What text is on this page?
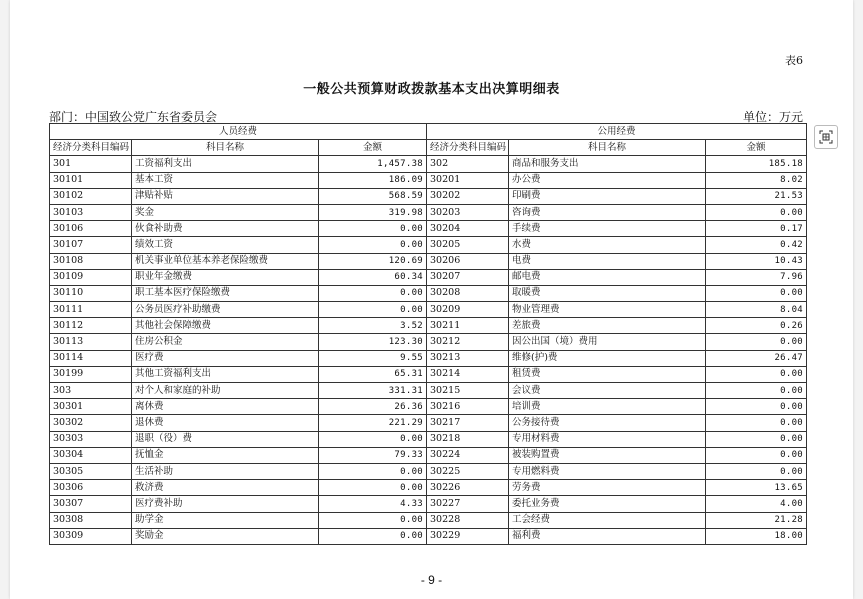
表6
一般公共预算财政拨款基本支出决算明细表
部门：中国致公党广东省委员会	单位：万元
人员经费			公用经费		
经济分类科目编码	科目名称	金额	经济分类科目编码	科目名称	金额
301	工资福利支出	1,457.38	302	商品和服务支出	185.18
30101	基本工资	186.09	30201	办公费	8.02
30102	津贴补贴	568.59	30202	印刷费	21.53
30103	奖金	319.98	30203	咨询费	0.00
30106	伙食补助费	0.00	30204	手续费	0.17
30107	绩效工资	0.00	30205	水费	0.42
30108	机关事业单位基本养老保险缴费	120.69	30206	电费	10.43
30109	职业年金缴费	60.34	30207	邮电费	7.96
30110	职工基本医疗保险缴费	0.00	30208	取暖费	0.00
30111	公务员医疗补助缴费	0.00	30209	物业管理费	8.04
30112	其他社会保障缴费	3.52	30211	差旅费	0.26
30113	住房公积金	123.30	30212	因公出国（境）费用	0.00
30114	医疗费	9.55	30213	维修(护)费	26.47
30199	其他工资福利支出	65.31	30214	租赁费	0.00
303	对个人和家庭的补助	331.31	30215	会议费	0.00
30301	离休费	26.36	30216	培训费	0.00
30302	退休费	221.29	30217	公务接待费	0.00
30303	退职（役）费	0.00	30218	专用材料费	0.00
30304	抚恤金	79.33	30224	被装购置费	0.00
30305	生活补助	0.00	30225	专用燃料费	0.00
30306	救济费	0.00	30226	劳务费	13.65
30307	医疗费补助	4.33	30227	委托业务费	4.00
30308	助学金	0.00	30228	工会经费	21.28
30309	奖励金	0.00	30229	福利费	18.00
- 9 -
